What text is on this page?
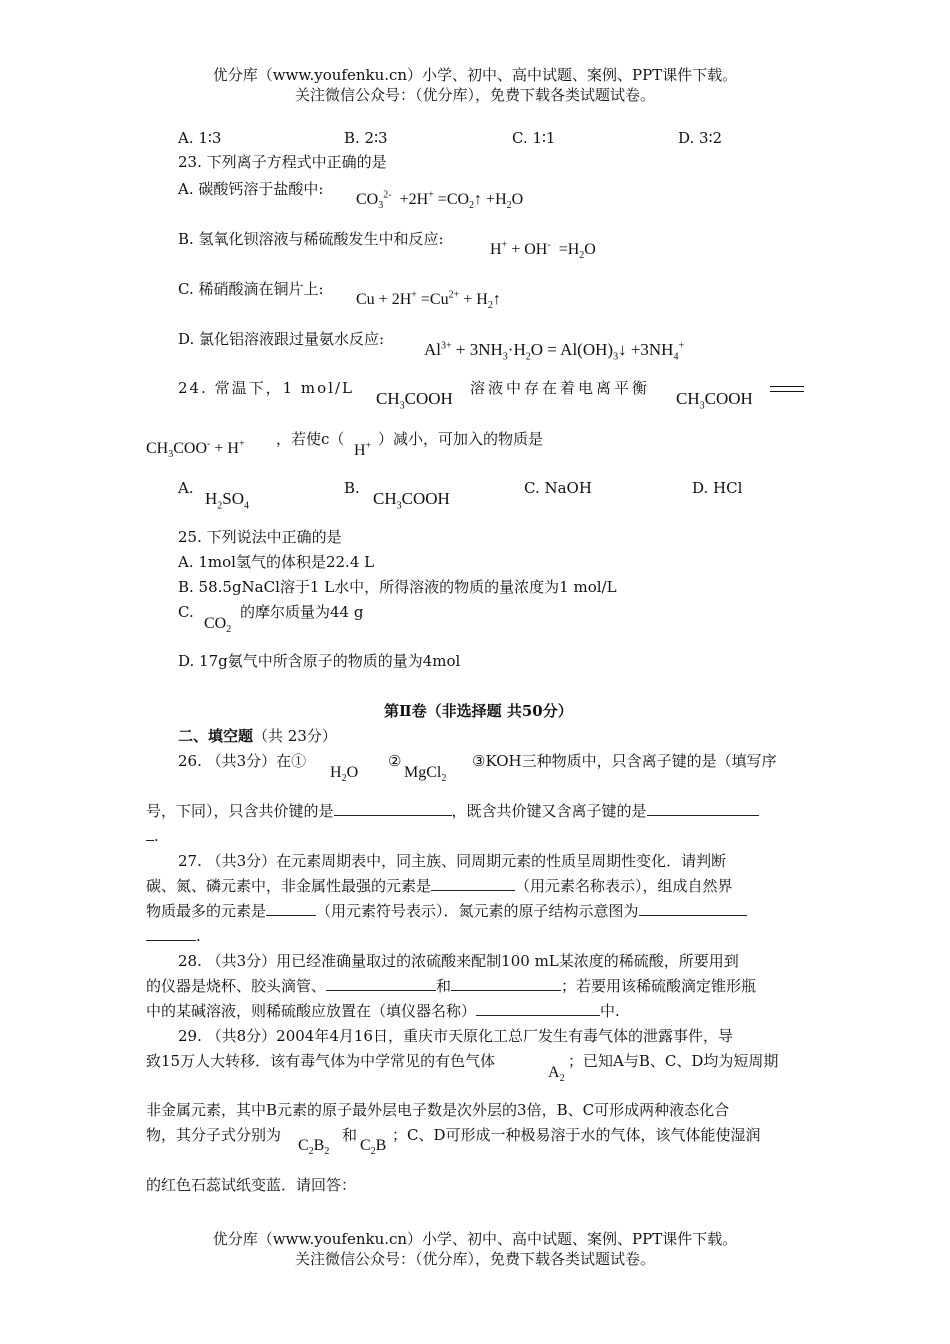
优分库（www.youfenku.cn）小学、初中、高中试题、案例、PPT课件下载。
关注微信公众号：（优分库），免费下载各类试题试卷。
A. 1∶3	B. 2∶3	C. 1∶1	D. 3∶2
23. 下列离子方程式中正确的是
A. 碳酸钙溶于盐酸中:
$CO_3^{2-} +2H^+$ $=CO_2↑ +H_2O$
B. 氢氧化钡溶液与稀硫酸发生中和反应:
$H^+ + OH^- =H_2O$
C. 稀硝酸滴在铜片上:
$Cu + 2H^+ =Cu^{2+}$ + $H_2↑$
D. 氯化铝溶液跟过量氨水反应:
$Al^{3+} + 3NH_3\cdot H_2O$ = $Al(OH)_3↓ +3NH_4^+$
24. 常温下，1 mol/L
$CH_3COOH$
溶液中存在着电离平衡
$CH_3COOH$
$CH_3COO^- + H^+$ ，若使c（
H+ ）减小，可加入的物质是
A.
$H_2SO_4$
B.
$CH_3COOH$
C. NaOH	D. HCl
25. 下列说法中正确的是
A. 1mol氢气的体积是22.4 L
B. 58.5gNaCl溶于1 L水中，所得溶液的物质的量浓度为1 mol/L
C.
$CO_2$
的摩尔质量为44 g
D. 17g氨气中所含原子的物质的量为4mol
第Ⅱ卷（非选择题 共50分）
二、填空题（共 23分）
26. （共3分）在①
$H_2O$
②
MgCl$_2$
③KOH三种物质中，只含离子键的是（填写序
号，下同），只含共价键的是	，既含共价键又含离子键的是
.
27. （共3分）在元素周期表中，同主族、同周期元素的性质呈周期性变化．请判断
碳、氮、磷元素中，非金属性最强的元素是	（用元素名称表示），组成自然界
物质最多的元素是	（用元素符号表示）．氮元素的原子结构示意图为
.
28. （共3分）用已经准确量取过的浓硫酸来配制100 mL某浓度的稀硫酸，所要用到
的仪器是烧杯、胶头滴管、	和	；若要用该稀硫酸滴定锥形瓶
中的某碱溶液，则稀硫酸应放置在（填仪器名称）	中.
29. （共8分）2004年4月16日，重庆市天原化工总厂发生有毒气体的泄露事件，导
致15万人大转移．该有毒气体为中学常见的有色气体
$A_2$
；已知A与B、C、D均为短周期
非金属元素，其中B元素的原子最外层电子数是次外层的3倍，B、C可形成两种液态化合
物，其分子式分别为
$C_2B_2$
和
$C_2B$
；C、D可形成一种极易溶于水的气体，该气体能使湿润
的红色石蕊试纸变蓝．请回答：
优分库（www.youfenku.cn）小学、初中、高中试题、案例、PPT课件下载。
关注微信公众号：（优分库），免费下载各类试题试卷。
